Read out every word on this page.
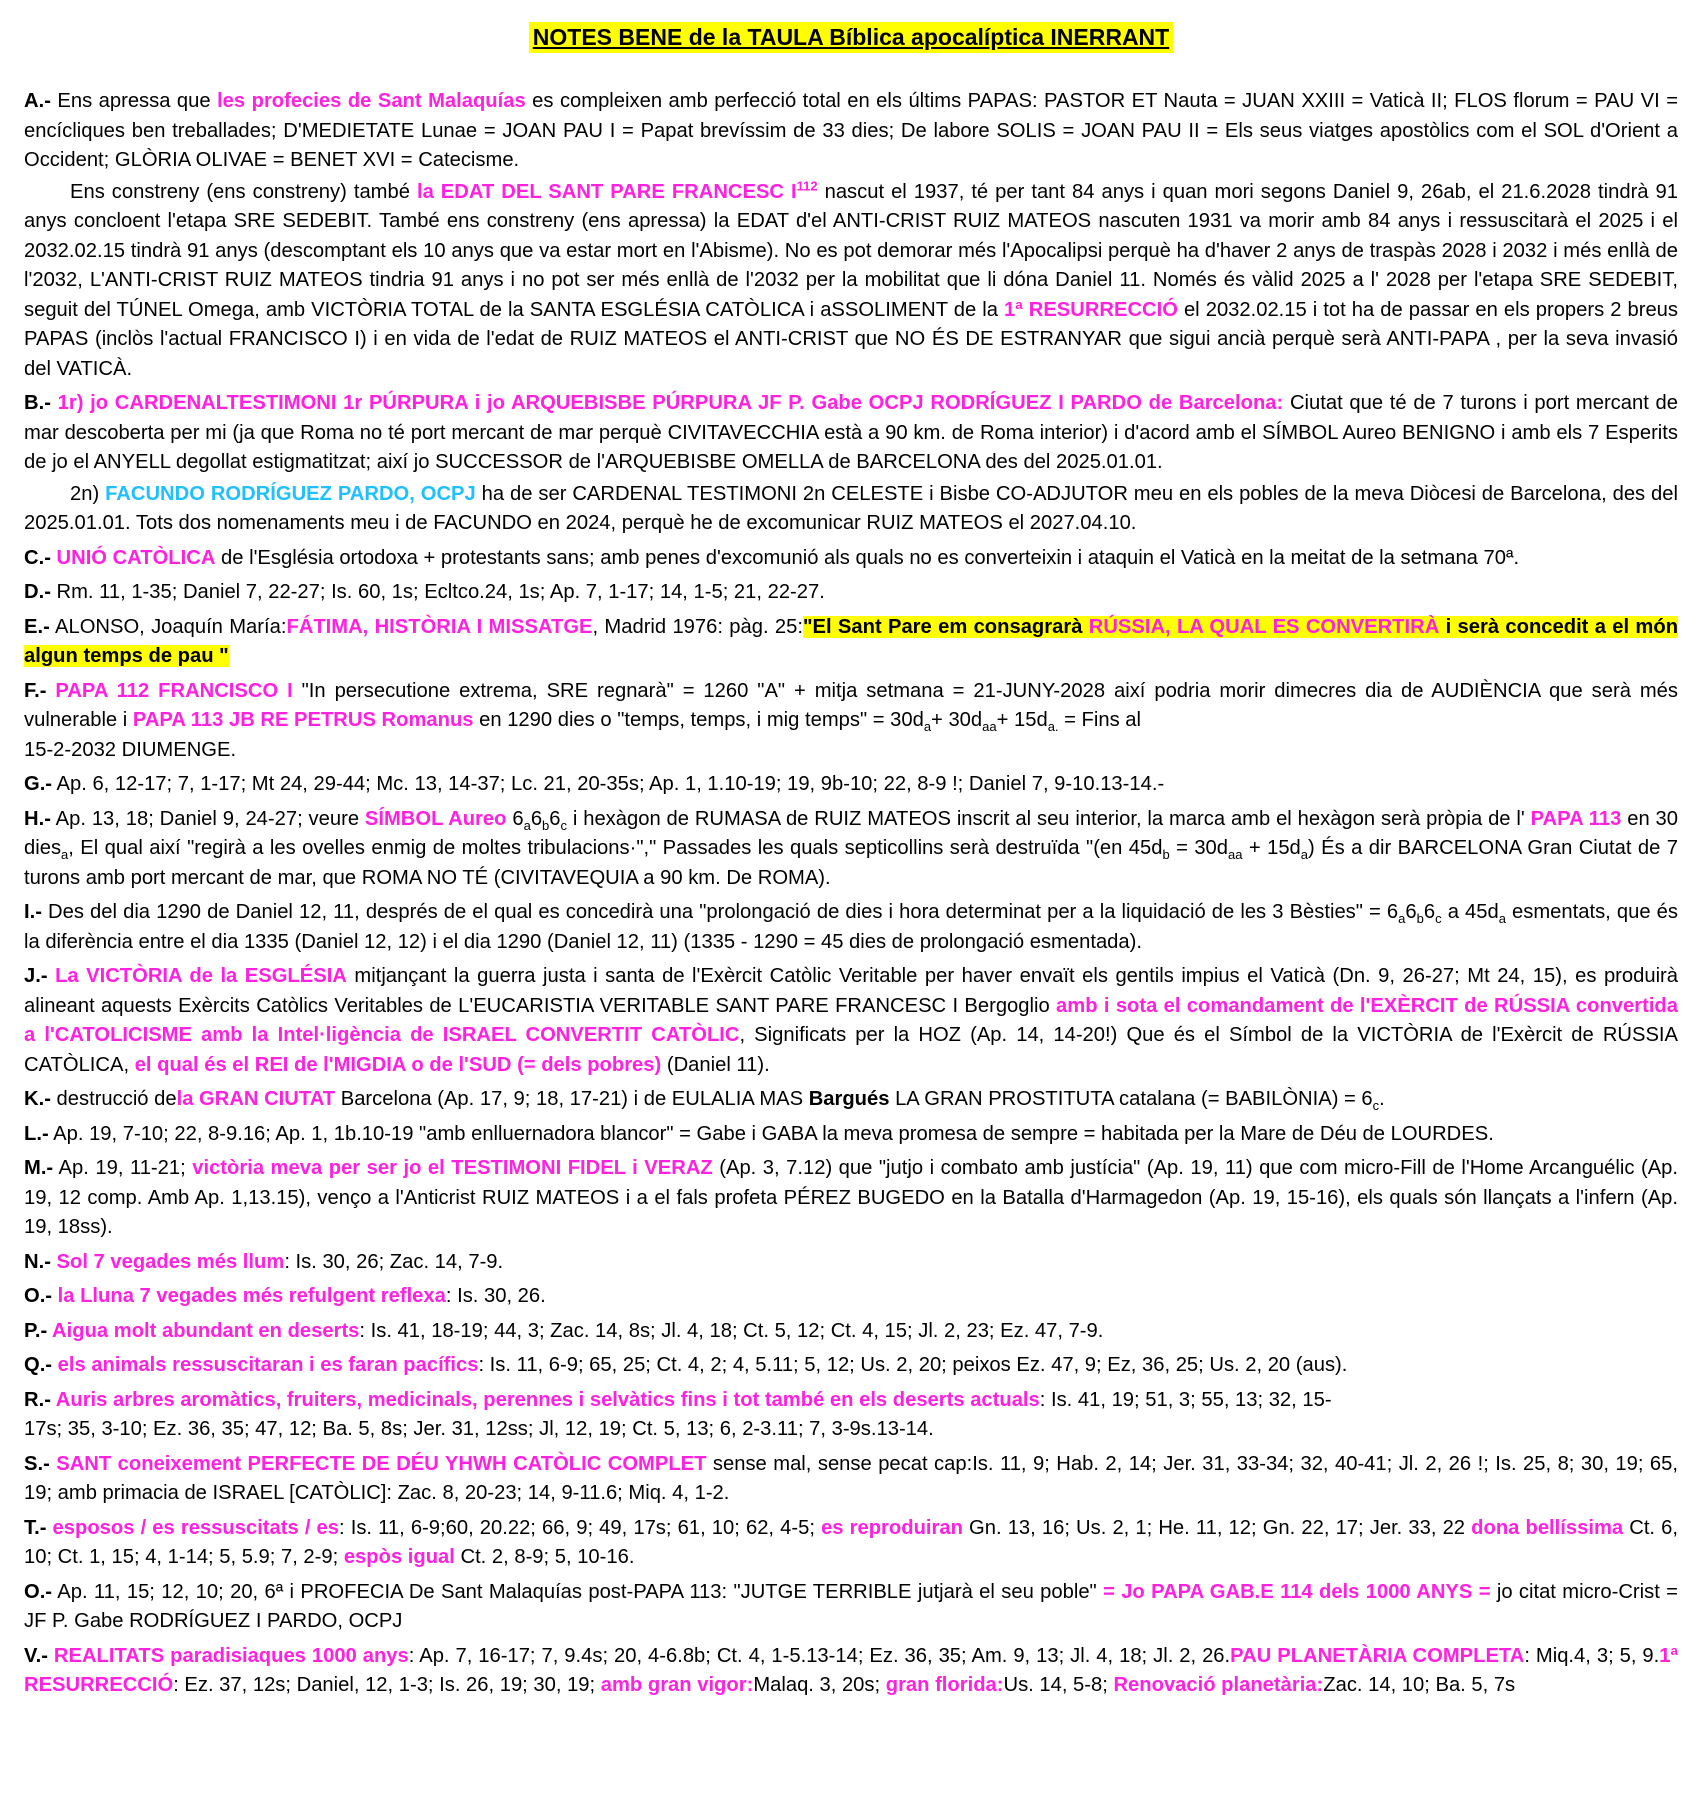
NOTES BENE de la TAULA Bíblica apocalíptica INERRANT
A.- Ens apressa que les profecies de Sant Malaquías es compleixen amb perfecció total en els últims PAPAS: PASTOR ET Nauta = JUAN XXIII = Vaticà II; FLOS florum = PAU VI = encícliques ben treballades; D'MEDIETATE Lunae = JOAN PAU I = Papat brevíssim de 33 dies; De labore SOLIS = JOAN PAU II = Els seus viatges apostòlics com el SOL d'Orient a Occident; GLÒRIA OLIVAE = BENET XVI = Catecisme.
Ens constreny (ens constreny) també la EDAT DEL SANT PARE FRANCESC $I^{112}$ nascut el 1937, té per tant 84 anys i quan mori segons Daniel 9, 26ab, el 21.6.2028 tindrà 91 anys concloent l'etapa SRE SEDEBIT. També ens constreny (ens apressa) la EDAT d'el ANTI-CRIST RUIZ MATEOS nascuten 1931 va morir amb 84 anys i ressuscitarà el 2025 i el 2032.02.15 tindrà 91 anys (descomptant els 10 anys que va estar mort en l'Abisme). No es pot demorar més l'Apocalipsi perquè ha d'haver 2 anys de traspàs 2028 i 2032 i més enllà de l'2032, L'ANTI-CRIST RUIZ MATEOS tindria 91 anys i no pot ser més enllà de l'2032 per la mobilitat que li dóna Daniel 11. Només és vàlid 2025 a l' 2028 per l'etapa SRE SEDEBIT, seguit del TÚNEL Omega, amb VICTÒRIA TOTAL de la SANTA ESGLÉSIA CATÒLICA i aSSOLIMENT de la 1ª RESURRECCIÓ el 2032.02.15 i tot ha de passar en els propers 2 breus PAPAS (inclòs l'actual FRANCISCO I) i en vida de l'edat de RUIZ MATEOS el ANTI-CRIST que NO ÉS DE ESTRANYAR que sigui ancià perquè serà ANTI-PAPA , per la seva invasió del VATICÀ.
B.- 1r) jo CARDENALTESTIMONI 1r PÚRPURA i jo ARQUEBISBE PÚRPURA JF P. Gabe OCPJ RODRÍGUEZ I PARDO de Barcelona: Ciutat que té de 7 turons i port mercant de mar descoberta per mi (ja que Roma no té port mercant de mar perquè CIVITAVECCHIA està a 90 km. de Roma interior) i d'acord amb el SÍMBOL Aureo BENIGNO i amb els 7 Esperits de jo el ANYELL degollat estigmatitzat; així jo SUCCESSOR de l'ARQUEBISBE OMELLA de BARCELONA des del 2025.01.01.
2n) FACUNDO RODRÍGUEZ PARDO, OCPJ ha de ser CARDENAL TESTIMONI 2n CELESTE i Bisbe CO-ADJUTOR meu en els pobles de la meva Diòcesi de Barcelona, des del 2025.01.01. Tots dos nomenaments meu i de FACUNDO en 2024, perquè he de excomunicar RUIZ MATEOS el 2027.04.10.
C.- UNIÓ CATÒLICA de l'Església ortodoxa + protestants sans; amb penes d'excomunió als quals no es converteixin i ataquin el Vaticà en la meitat de la setmana 70ª.
D.- Rm. 11, 1-35; Daniel 7, 22-27; Is. 60, 1s; Ecltco.24, 1s; Ap. 7, 1-17; 14, 1-5; 21, 22-27.
E.- ALONSO, Joaquín María:FÁTIMA, HISTÒRIA I MISSATGE, Madrid 1976: pàg. 25:"El Sant Pare em consagrarà RÚSSIA, LA QUAL ES CONVERTIRÀ i serà concedit a el món algun temps de pau "
F.- PAPA 112 FRANCISCO I "In persecutione extrema, SRE regnarà" = 1260 "A" + mitja setmana = 21-JUNY-2028 així podria morir dimecres dia de AUDIÈNCIA que serà més vulnerable i PAPA 113 JB RE PETRUS Romanus en 1290 dies o "temps, temps, i mig temps" = $30d_a+ 30d_{aa}+ 15d_{a.}$ = Fins al
15-2-2032 DIUMENGE.
G.- Ap. 6, 12-17; 7, 1-17; Mt 24, 29-44; Mc. 13, 14-37; Lc. 21, 20-35s; Ap. 1, 1.10-19; 19, 9b-10; 22, 8-9 !; Daniel 7, 9-10.13-14.-
H.- Ap. 13, 18; Daniel 9, 24-27; veure SÍMBOL Aureo $6_a6_b6_c$ i hexàgon de RUMASA de RUIZ MATEOS inscrit al seu interior, la marca amb el hexàgon serà pròpia de l' PAPA 113 en 30 dies$_a$, El qual així "regirà a les ovelles enmig de moltes tribulacions·"," Passades les quals septicollins serà destruïda "(en $45d_b = 30d_{aa} + 15d_a$) És a dir BARCELONA Gran Ciutat de 7 turons amb port mercant de mar, que ROMA NO TÉ (CIVITAVEQUIA a 90 km. De ROMA).
I.- Des del dia 1290 de Daniel 12, 11, després de el qual es concedirà una "prolongació de dies i hora determinat per a la liquidació de les 3 Bèsties" = $6_a6_b6_c$ a $45d_a$ esmentats, que és la diferència entre el dia 1335 (Daniel 12, 12) i el dia 1290 (Daniel 12, 11) (1335 - 1290 = 45 dies de prolongació esmentada).
J.- La VICTÒRIA de la ESGLÉSIA mitjançant la guerra justa i santa de l'Exèrcit Catòlic Veritable per haver envaït els gentils impius el Vaticà (Dn. 9, 26-27; Mt 24, 15), es produirà alineant aquests Exèrcits Catòlics Veritables de L'EUCARISTIA VERITABLE SANT PARE FRANCESC I Bergoglio amb i sota el comandament de l'EXÈRCIT de RÚSSIA convertida a l'CATOLICISME amb la Intel·ligència de ISRAEL CONVERTIT CATÒLIC, Significats per la HOZ (Ap. 14, 14-20!) Que és el Símbol de la VICTÒRIA de l'Exèrcit de RÚSSIA CATÒLICA, el qual és el REI de l'MIGDIA o de l'SUD (= dels pobres) (Daniel 11).
K.- destrucció dela GRAN CIUTAT Barcelona (Ap. 17, 9; 18, 17-21) i de EULALIA MAS Bargués LA GRAN PROSTITUTA catalana (= BABILÒNIA) = $6_c$.
L.- Ap. 19, 7-10; 22, 8-9.16; Ap. 1, 1b.10-19 "amb enlluernadora blancor" = Gabe i GABA la meva promesa de sempre = habitada per la Mare de Déu de LOURDES.
M.- Ap. 19, 11-21; victòria meva per ser jo el TESTIMONI FIDEL i VERAZ (Ap. 3, 7.12) que "jutjo i combato amb justícia" (Ap. 19, 11) que com micro-Fill de l'Home Arcanguélic (Ap. 19, 12 comp. Amb Ap. 1,13.15), venço a l'Anticrist RUIZ MATEOS i a el fals profeta PÉREZ BUGEDO en la Batalla d'Harmagedon (Ap. 19, 15-16), els quals són llançats a l'infern (Ap. 19, 18ss).
N.- Sol 7 vegades més llum: Is. 30, 26; Zac. 14, 7-9.
O.- la Lluna 7 vegades més refulgent reflexa: Is. 30, 26.
P.- Aigua molt abundant en deserts: Is. 41, 18-19; 44, 3; Zac. 14, 8s; Jl. 4, 18; Ct. 5, 12; Ct. 4, 15; Jl. 2, 23; Ez. 47, 7-9.
Q.- els animals ressuscitaran i es faran pacífics: Is. 11, 6-9; 65, 25; Ct. 4, 2; 4, 5.11; 5, 12; Us. 2, 20; peixos Ez. 47, 9; Ez, 36, 25; Us. 2, 20 (aus).
R.- Auris arbres aromàtics, fruiters, medicinals, perennes i selvàtics fins i tot també en els deserts actuals: Is. 41, 19; 51, 3; 55, 13; 32, 15-
17s; 35, 3-10; Ez. 36, 35; 47, 12; Ba. 5, 8s; Jer. 31, 12ss; Jl, 12, 19; Ct. 5, 13; 6, 2-3.11; 7, 3-9s.13-14.
S.- SANT coneixement PERFECTE DE DÉU YHWH CATÒLIC COMPLET sense mal, sense pecat cap:Is. 11, 9; Hab. 2, 14; Jer. 31, 33-34; 32, 40-41; Jl. 2, 26 !; Is. 25, 8; 30, 19; 65, 19; amb primacia de ISRAEL [CATÒLIC]: Zac. 8, 20-23; 14, 9-11.6; Miq. 4, 1-2.
T.- esposos / es ressuscitats / es: Is. 11, 6-9;60, 20.22; 66, 9; 49, 17s; 61, 10; 62, 4-5; es reproduiran Gn. 13, 16; Us. 2, 1; He. 11, 12; Gn. 22, 17; Jer. 33, 22 dona bellíssima Ct. 6, 10; Ct. 1, 15; 4, 1-14; 5, 5.9; 7, 2-9; espòs igual Ct. 2, 8-9; 5, 10-16.
O.- Ap. 11, 15; 12, 10; 20, 6ª i PROFECIA De Sant Malaquías post-PAPA 113: "JUTGE TERRIBLE jutjarà el seu poble" = Jo PAPA GAB.E 114 dels 1000 ANYS = jo citat micro-Crist = JF P. Gabe RODRÍGUEZ I PARDO, OCPJ
V.- REALITATS paradisiaques 1000 anys: Ap. 7, 16-17; 7, 9.4s; 20, 4-6.8b; Ct. 4, 1-5.13-14; Ez. 36, 35; Am. 9, 13; Jl. 4, 18; Jl. 2, 26.PAU PLANETÀRIA COMPLETA: Miq.4, 3; 5, 9.1ª RESURRECCIÓ: Ez. 37, 12s; Daniel, 12, 1-3; Is. 26, 19; 30, 19; amb gran vigor:Malaq. 3, 20s; gran florida:Us. 14, 5-8; Renovació planetària:Zac. 14, 10; Ba. 5, 7s
